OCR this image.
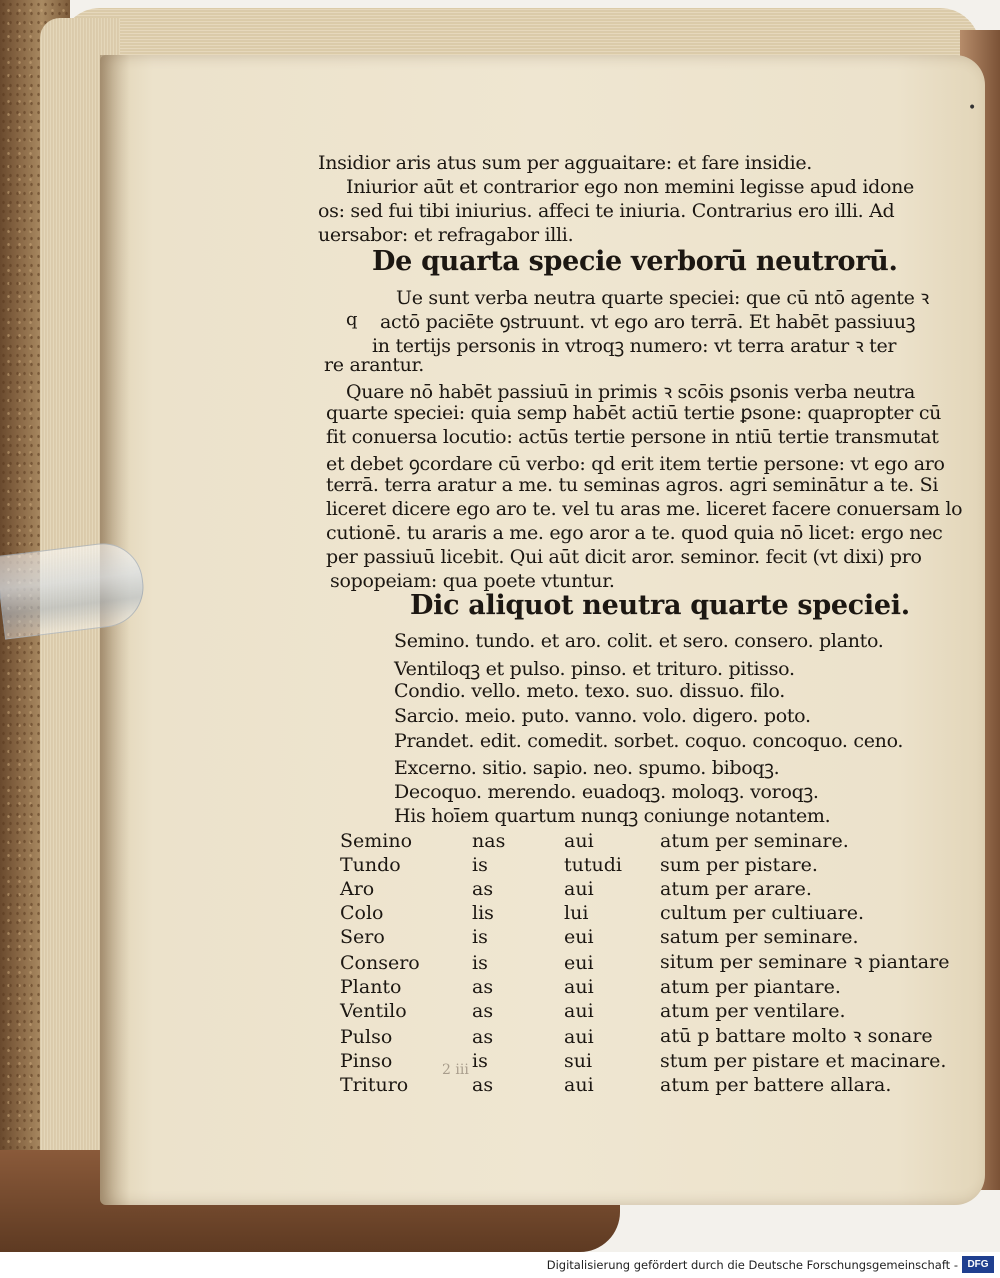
•
Insidior aris atus sum per agguaitare: et fare insidie.
Iniurior aūt et contrarior ego non memini legisse apud idone
os: sed fui tibi iniurius. affeci te iniuria. Contrarius ero illi. Ad
uersabor: et refragabor illi.
De quarta specie verborū neutrorū.
q
Ue sunt verba neutra quarte speciei: que cū ntō agente ꝛ
actō paciēte ꝯstruunt. vt ego aro terrā. Et habēt passiuuꝫ
in tertijs personis in vtroqꝫ numero: vt terra aratur ꝛ ter
re arantur.
Quare nō habēt passiuū in primis ꝛ scōis ꝑsonis verba neutra
quarte speciei: quia semp habēt actiū tertie ꝑsone: quapropter cū
fit conuersa locutio: actūs tertie persone in ntiū tertie transmutat
et debet ꝯcordare cū verbo: qd erit item tertie persone: vt ego aro
terrā. terra aratur a me. tu seminas agros. agri seminātur a te. Si
liceret dicere ego aro te. vel tu aras me. liceret facere conuersam lo
cutionē. tu araris a me. ego aror a te. quod quia nō licet: ergo nec
per passiuū licebit. Qui aūt dicit aror. seminor. fecit (vt dixi) pro
sopopeiam: qua poete vtuntur.
Dic aliquot neutra quarte speciei.
Semino. tundo. et aro. colit. et sero. consero. planto.
Ventiloqꝫ et pulso. pinso. et trituro. pitisso.
Condio. vello. meto. texo. suo. dissuo. filo.
Sarcio. meio. puto. vanno. volo. digero. poto.
Prandet. edit. comedit. sorbet. coquo. concoquo. ceno.
Excerno. sitio. sapio. neo. spumo. biboqꝫ.
Decoquo. merendo. euadoqꝫ. moloqꝫ. voroqꝫ.
His hoīem quartum nunqꝫ coniunge notantem.
Semino	nas	aui	atum per seminare.
Tundo	is	tutudi	sum per pistare.
Aro	as	aui	atum per arare.
Colo	lis	lui	cultum per cultiuare.
Sero	is	eui	satum per seminare.
Consero	is	eui	situm per seminare ꝛ piantare
Planto	as	aui	atum per piantare.
Ventilo	as	aui	atum per ventilare.
Pulso	as	aui	atū p battare molto ꝛ sonare
Pinso	is	sui	stum per pistare et macinare.
Trituro	as	aui	atum per battere allara.
2 iii
Digitalisierung gefördert durch die Deutsche Forschungsgemeinschaft - DFG
